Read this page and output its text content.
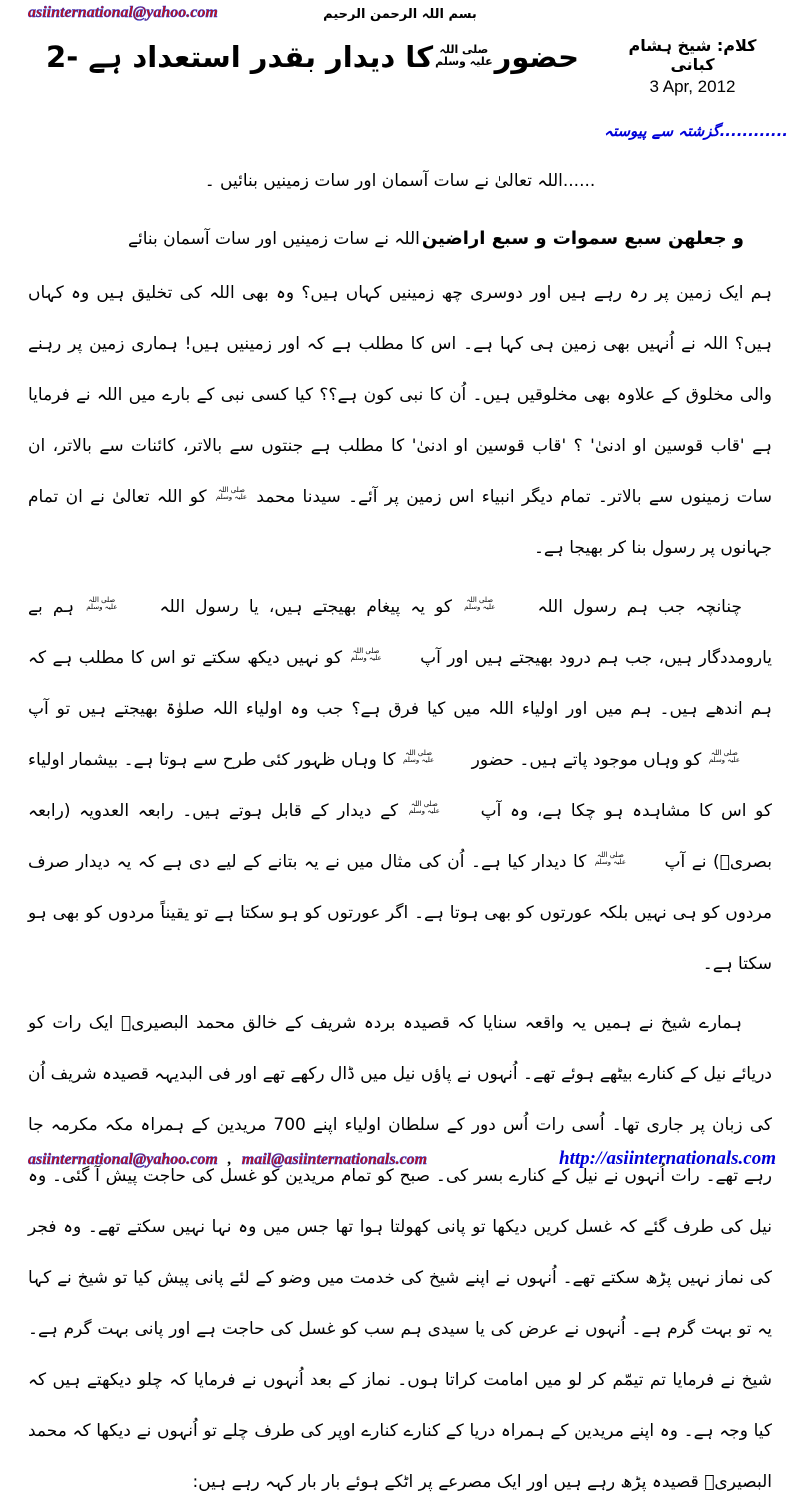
asiinternational@yahoo.com	بسم اللہ الرحمن الرحیم
کلام: شیخ ہشام کبانی
3 Apr, 2012
حضور
صلی اللہ
علیہ وسلم
کا دیدار بقدر استعداد ہے -2
............گزشتہ سے پیوستہ
......اللہ تعالیٰ نے سات آسمان اور سات زمینیں بنائیں ۔
و جعلهن سبع سموات و سبع اراضين
اللہ نے سات زمینیں اور سات آسمان بنائے

ہم ایک زمین پر رہ رہے ہیں اور دوسری چھ زمینیں کہاں ہیں؟ وہ بھی اللہ کی تخلیق ہیں وہ کہاں ہیں؟ اللہ نے اُنہیں بھی زمین ہی کہا ہے۔ اس کا مطلب ہے کہ اور زمینیں ہیں! ہماری زمین پر رہنے والی مخلوق کے علاوہ بھی مخلوقیں ہیں۔ اُن کا نبی کون ہے؟؟ کیا کسی نبی کے بارے میں اللہ نے فرمایا ہے 'قاب قوسین او ادنیٰ' ؟ 'قاب قوسین او ادنیٰ' کا مطلب ہے جنتوں سے بالاتر، کائنات سے بالاتر، ان سات زمینوں سے بالاتر۔ تمام دیگر انبیاء اس زمین پر آئے۔ سیدنا محمد
صلی اللہ
علیہ وسلم
کو اللہ تعالیٰ نے ان تمام جہانوں پر رسول بنا کر بھیجا ہے۔

چنانچہ جب ہم رسول اللہ
صلی اللہ
علیہ وسلم
کو یہ پیغام بھیجتے ہیں، یا رسول اللہ
صلی اللہ
علیہ وسلم
ہم بے یارومددگار ہیں، جب ہم درود بھیجتے ہیں اور آپ
صلی اللہ
علیہ وسلم
کو نہیں دیکھ سکتے تو اس کا مطلب ہے کہ ہم اندھے ہیں۔ ہم میں اور اولیاء اللہ میں کیا فرق ہے؟ جب وہ اولیاء اللہ صلوٰۃ بھیجتے ہیں تو آپ
صلی اللہ
علیہ وسلم
کو وہاں موجود پاتے ہیں۔ حضور
صلی اللہ
علیہ وسلم
کا وہاں ظہور کئی طرح سے ہوتا ہے۔ بیشمار اولیاء کو اس کا مشاہدہ ہو چکا ہے، وہ آپ
صلی اللہ
علیہ وسلم
کے دیدار کے قابل ہوتے ہیں۔ رابعہ العدویہ (رابعہ بصریؒ) نے آپ
صلی اللہ
علیہ وسلم
کا دیدار کیا ہے۔ اُن کی مثال میں نے یہ بتانے کے لیے دی ہے کہ یہ دیدار صرف مردوں کو ہی نہیں بلکہ عورتوں کو بھی ہوتا ہے۔ اگر عورتوں کو ہو سکتا ہے تو یقیناً مردوں کو بھی ہو سکتا ہے۔

ہمارے شیخ نے ہمیں یہ واقعہ سنایا کہ قصیدہ بردہ شریف کے خالق محمد البصیریؒ ایک رات کو دریائے نیل کے کنارے بیٹھے ہوئے تھے۔ اُنہوں نے پاؤں نیل میں ڈال رکھے تھے اور فی البدیہہ قصیدہ شریف اُن کی زبان پر جاری تھا۔ اُسی رات اُس دور کے سلطان اولیاء اپنے 700 مریدین کے ہمراہ مکہ مکرمہ جا رہے تھے۔ رات اُنہوں نے نیل کے کنارے بسر کی۔ صبح کو تمام مریدین کو غسل کی حاجت پیش آ گئی۔ وہ نیل کی طرف گئے کہ غسل کریں دیکھا تو پانی کھولتا ہوا تھا جس میں وہ نہا نہیں سکتے تھے۔ وہ فجر کی نماز نہیں پڑھ سکتے تھے۔ اُنہوں نے اپنے شیخ کی خدمت میں وضو کے لئے پانی پیش کیا تو شیخ نے کہا یہ تو بہت گرم ہے۔ اُنہوں نے عرض کی یا سیدی ہم سب کو غسل کی حاجت ہے اور پانی بہت گرم ہے۔ شیخ نے فرمایا تم تیمّم کر لو میں امامت کراتا ہوں۔ نماز کے بعد اُنہوں نے فرمایا کہ چلو دیکھتے ہیں کہ کیا وجہ ہے۔ وہ اپنے مریدین کے ہمراہ دریا کے کنارے کنارے اوپر کی طرف چلے تو اُنہوں نے دیکھا کہ محمد البصیریؒ قصیدہ پڑھ رہے ہیں اور ایک مصرعے پر اٹکے ہوئے بار بار کہہ رہے ہیں:

asiinternational@yahoo.com , mail@asiinternationals.com	http://asiinternationals.com
